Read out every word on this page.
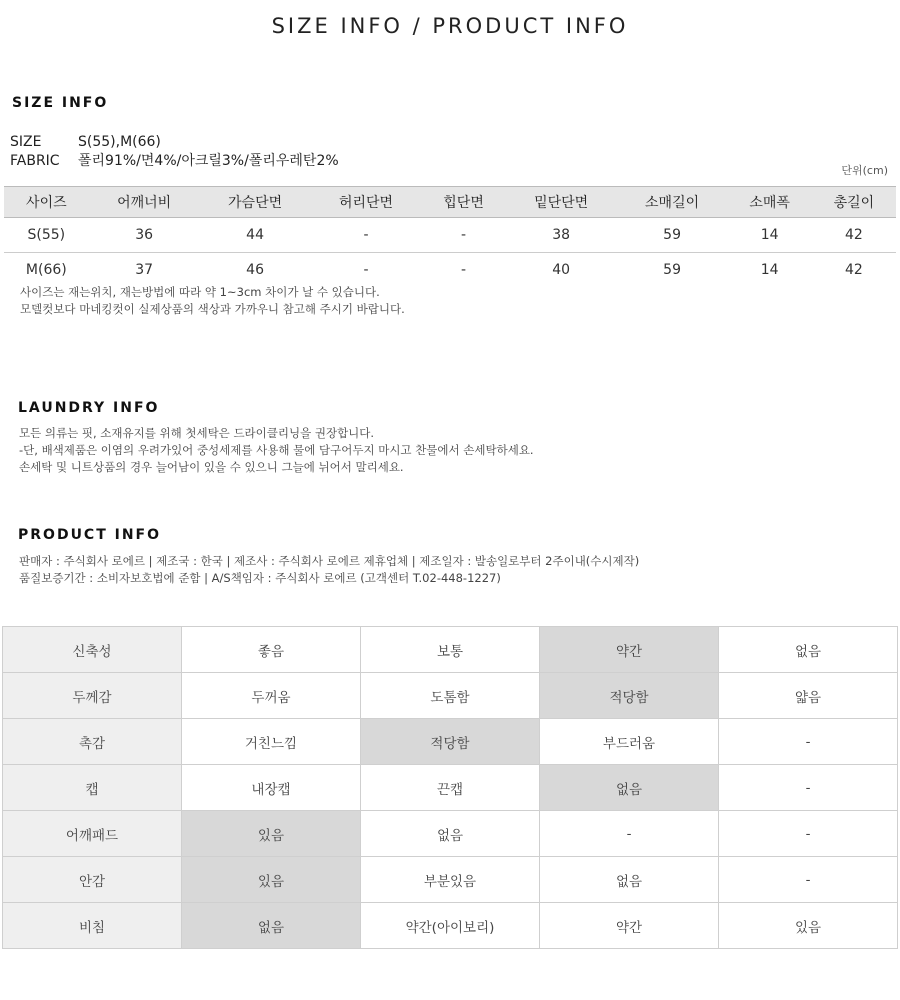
SIZE INFO / PRODUCT INFO
SIZE INFO
SIZE	S(55),M(66)
FABRIC 폴리91%/면4%/아크릴3%/폴리우레탄2%
단위(cm)
사이즈	어깨너비	가슴단면	허리단면	힙단면	밑단단면	소매길이	소매폭	총길이
S(55)	36	44	-	-	38	59	14	42
M(66)	37	46	-	-	40	59	14	42
사이즈는 재는위치, 재는방법에 따라 약 1~3cm 차이가 날 수 있습니다.
모델컷보다 마네킹컷이 실제상품의 색상과 가까우니 참고해 주시기 바랍니다.
LAUNDRY INFO
모든 의류는 핏, 소재유지를 위해 첫세탁은 드라이클리닝을 권장합니다.
-단, 배색제품은 이염의 우려가있어 중성세제를 사용해 물에 담구어두지 마시고 찬물에서 손세탁하세요.
손세탁 및 니트상품의 경우 늘어남이 있을 수 있으니 그늘에 뉘어서 말리세요.
PRODUCT INFO
판매자 : 주식회사 로에르 | 제조국 : 한국 | 제조사 : 주식회사 로에르 제휴업체 | 제조일자 : 발송일로부터 2주이내(수시제작)
품질보증기간 : 소비자보호법에 준함 | A/S책임자 : 주식회사 로에르 (고객센터 T.02-448-1227)
신축성	좋음	보통	약간	없음
두께감	두꺼움	도톰함	적당함	얇음
촉감	거친느낌	적당함	부드러움	-
캡	내장캡	끈캡	없음	-
어깨패드	있음	없음	-	-
안감	있음	부분있음	없음	-
비침	없음	약간(아이보리)	약간	있음
